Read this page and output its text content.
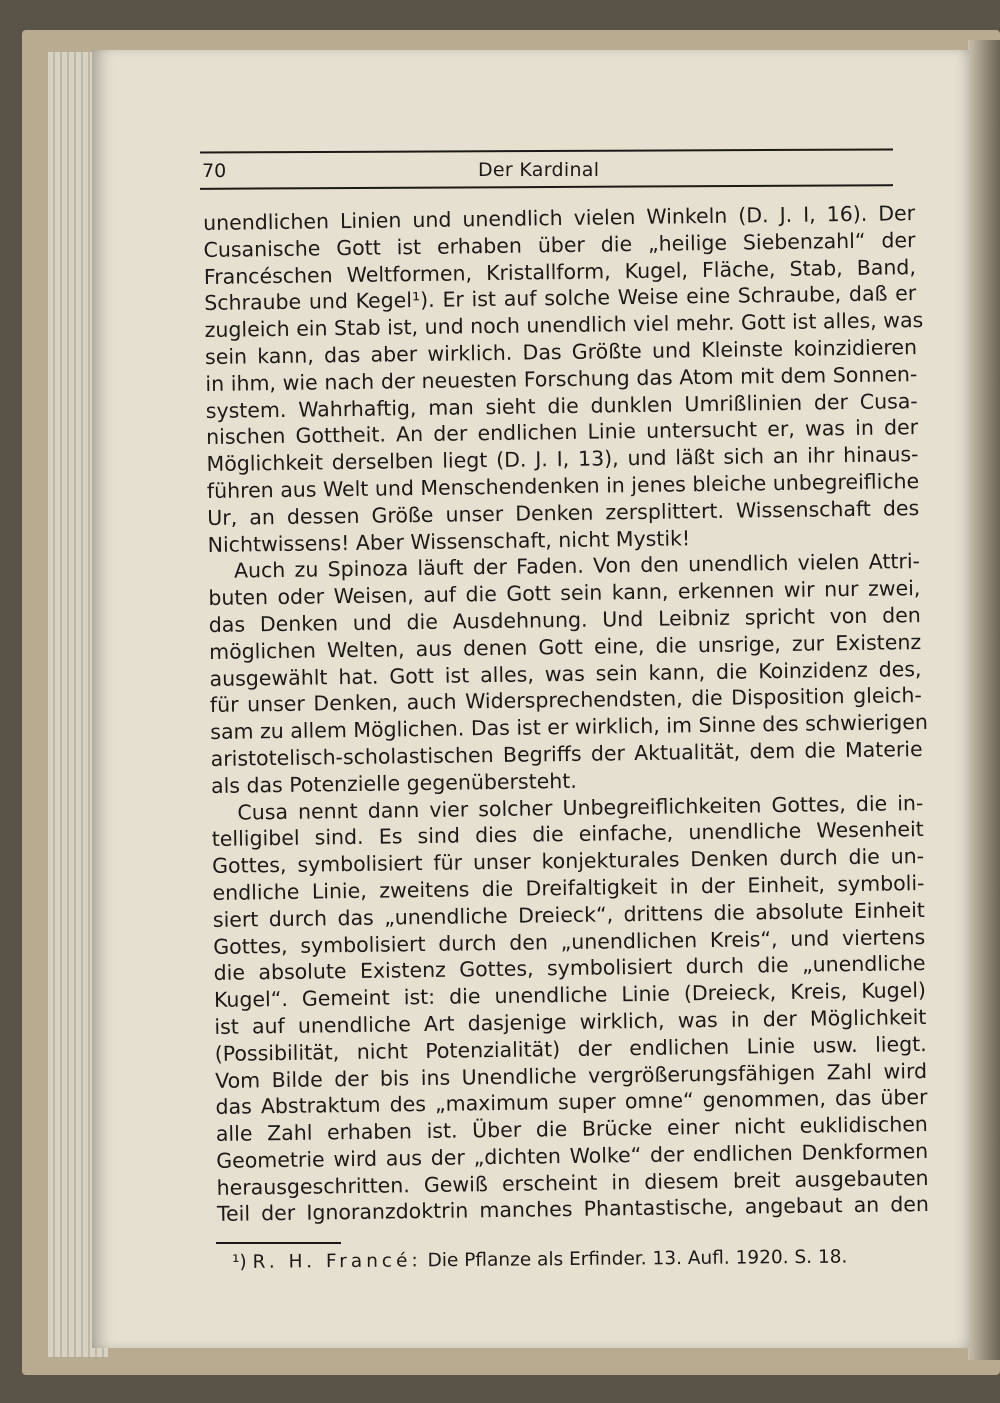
70	Der Kardinal
unendlichen Linien und unendlich vielen Winkeln (D. J. I, 16). Der
Cusanische Gott ist erhaben über die „heilige Siebenzahl“ der
Francéschen Weltformen, Kristallform, Kugel, Fläche, Stab, Band,
Schraube und Kegel¹). Er ist auf solche Weise eine Schraube, daß er
zugleich ein Stab ist, und noch unendlich viel mehr. Gott ist alles, was
sein kann, das aber wirklich. Das Größte und Kleinste koinzidieren
in ihm, wie nach der neuesten Forschung das Atom mit dem Sonnen-
system. Wahrhaftig, man sieht die dunklen Umrißlinien der Cusa-
nischen Gottheit. An der endlichen Linie untersucht er, was in der
Möglichkeit derselben liegt (D. J. I, 13), und läßt sich an ihr hinaus-
führen aus Welt und Menschendenken in jenes bleiche unbegreifliche
Ur, an dessen Größe unser Denken zersplittert. Wissenschaft des
Nichtwissens! Aber Wissenschaft, nicht Mystik!
Auch zu Spinoza läuft der Faden. Von den unendlich vielen Attri-
buten oder Weisen, auf die Gott sein kann, erkennen wir nur zwei,
das Denken und die Ausdehnung. Und Leibniz spricht von den
möglichen Welten, aus denen Gott eine, die unsrige, zur Existenz
ausgewählt hat. Gott ist alles, was sein kann, die Koinzidenz des,
für unser Denken, auch Widersprechendsten, die Disposition gleich-
sam zu allem Möglichen. Das ist er wirklich, im Sinne des schwierigen
aristotelisch-scholastischen Begriffs der Aktualität, dem die Materie
als das Potenzielle gegenübersteht.
Cusa nennt dann vier solcher Unbegreiflichkeiten Gottes, die in-
telligibel sind. Es sind dies die einfache, unendliche Wesenheit
Gottes, symbolisiert für unser konjekturales Denken durch die un-
endliche Linie, zweitens die Dreifaltigkeit in der Einheit, symboli-
siert durch das „unendliche Dreieck“, drittens die absolute Einheit
Gottes, symbolisiert durch den „unendlichen Kreis“, und viertens
die absolute Existenz Gottes, symbolisiert durch die „unendliche
Kugel“. Gemeint ist: die unendliche Linie (Dreieck, Kreis, Kugel)
ist auf unendliche Art dasjenige wirklich, was in der Möglichkeit
(Possibilität, nicht Potenzialität) der endlichen Linie usw. liegt.
Vom Bilde der bis ins Unendliche vergrößerungsfähigen Zahl wird
das Abstraktum des „maximum super omne“ genommen, das über
alle Zahl erhaben ist. Über die Brücke einer nicht euklidischen
Geometrie wird aus der „dichten Wolke“ der endlichen Denkformen
herausgeschritten. Gewiß erscheint in diesem breit ausgebauten
Teil der Ignoranzdoktrin manches Phantastische, angebaut an den
¹) R. H. Francé: Die Pflanze als Erfinder. 13. Aufl. 1920. S. 18.
